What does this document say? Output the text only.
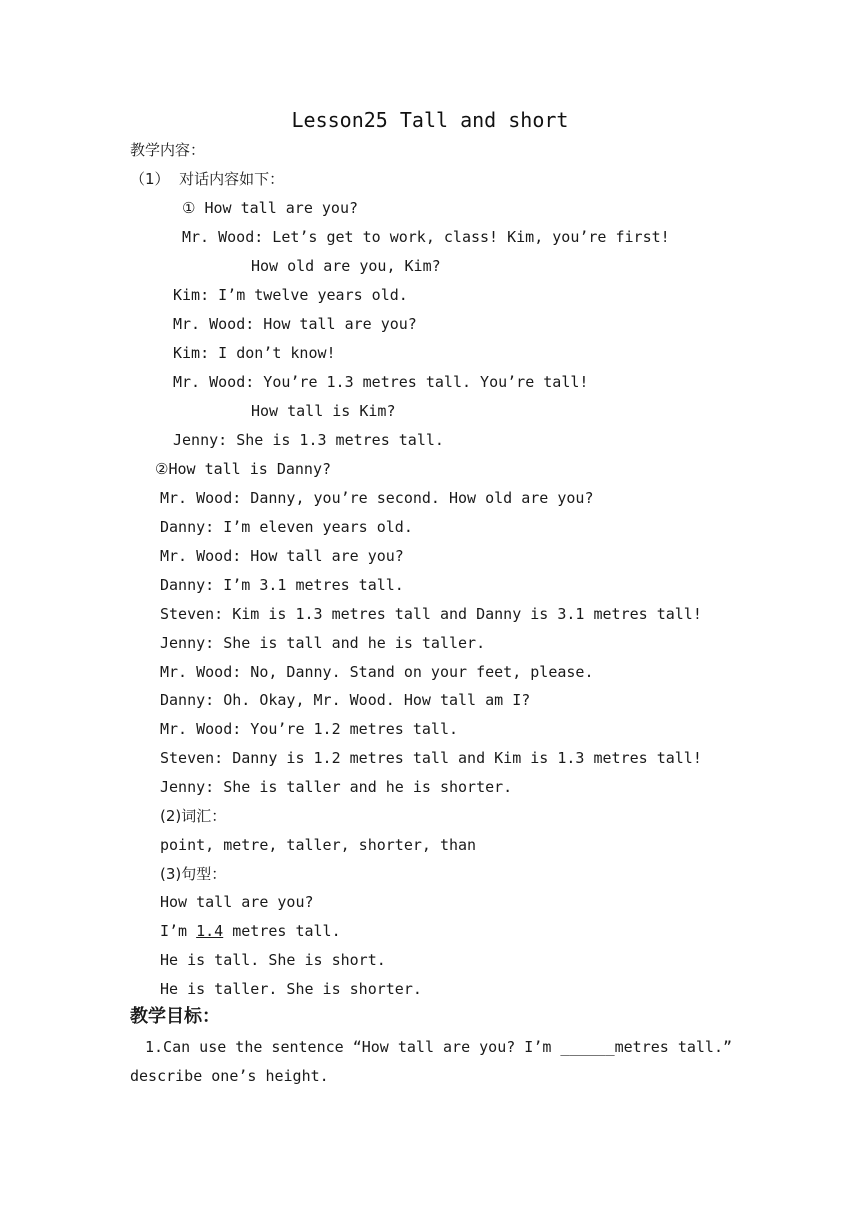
Lesson25 Tall and short
教学内容：
（1）  对话内容如下：
① How tall are you?
Mr. Wood: Let’s get to work, class! Kim, you’re first!
How old are you, Kim?
Kim: I’m twelve years old.
Mr. Wood: How tall are you?
Kim: I don’t know!
Mr. Wood: You’re 1.3 metres tall. You’re tall!
How tall is Kim?
Jenny: She is 1.3 metres tall.
②How tall is Danny?
Mr. Wood: Danny, you’re second. How old are you?
Danny: I’m eleven years old.
Mr. Wood: How tall are you?
Danny: I’m 3.1 metres tall.
Steven: Kim is 1.3 metres tall and Danny is 3.1 metres tall!
Jenny: She is tall and he is taller.
Mr. Wood: No, Danny. Stand on your feet, please.
Danny: Oh. Okay, Mr. Wood. How tall am I?
Mr. Wood: You’re 1.2 metres tall.
Steven: Danny is 1.2 metres tall and Kim is 1.3 metres tall!
Jenny: She is taller and he is shorter.
(2)词汇：
point, metre, taller, shorter, than
(3)句型：
How tall are you?
I’m 1.4 metres tall.
He is tall. She is short.
He is taller. She is shorter.
教学目标：
1.Can use the sentence “How tall are you? I’m ______metres tall.”
describe one’s height.
